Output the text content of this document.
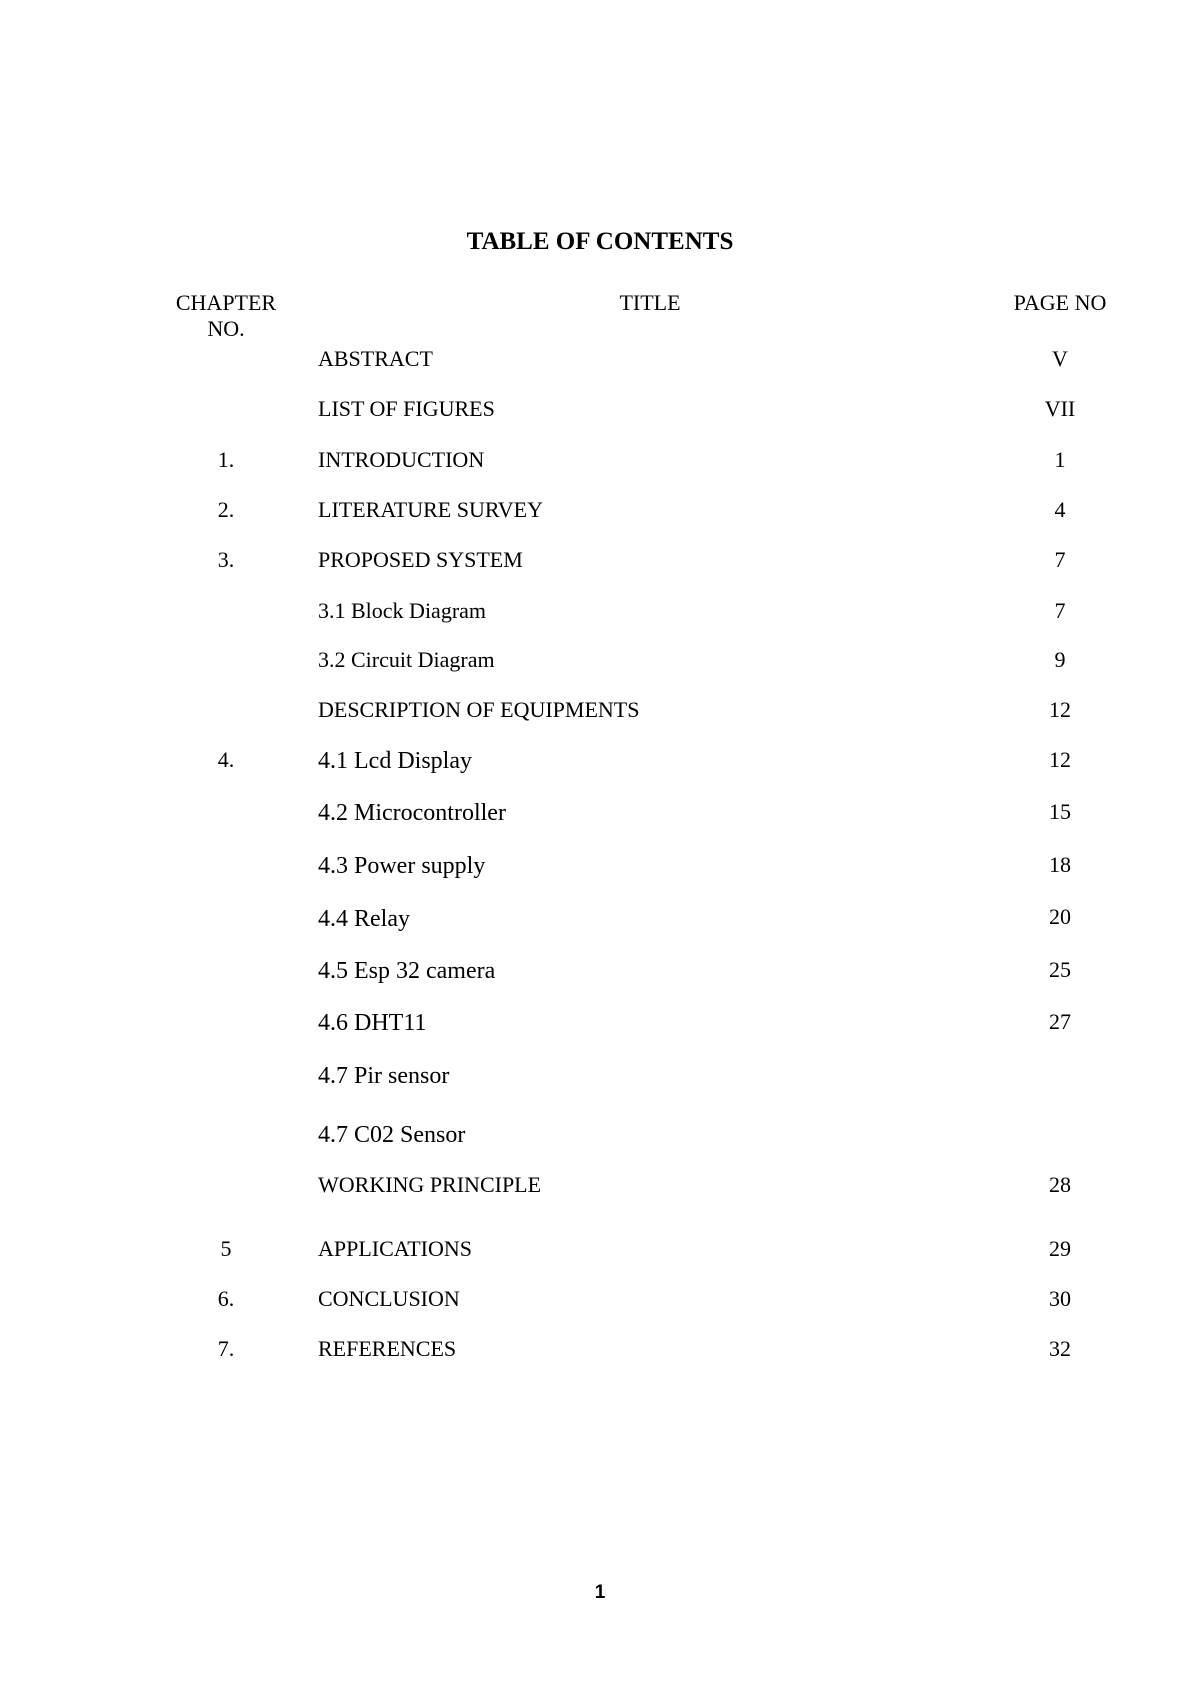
TABLE OF CONTENTS
CHAPTER
NO.
TITLE	PAGE NO
ABSTRACT	V
LIST OF FIGURES	VII
1.	INTRODUCTION	1
2.	LITERATURE SURVEY	4
3.	PROPOSED SYSTEM	7
3.1 Block Diagram	7
3.2 Circuit Diagram	9
DESCRIPTION OF EQUIPMENTS	12
4.	4.1 Lcd Display	12
4.2 Microcontroller	15
4.3 Power supply	18
4.4 Relay	20
4.5 Esp 32 camera	25
4.6 DHT11	27
4.7 Pir sensor
4.7 C02 Sensor
WORKING PRINCIPLE	28
5	APPLICATIONS	29
6.	CONCLUSION	30
7.	REFERENCES	32
1
